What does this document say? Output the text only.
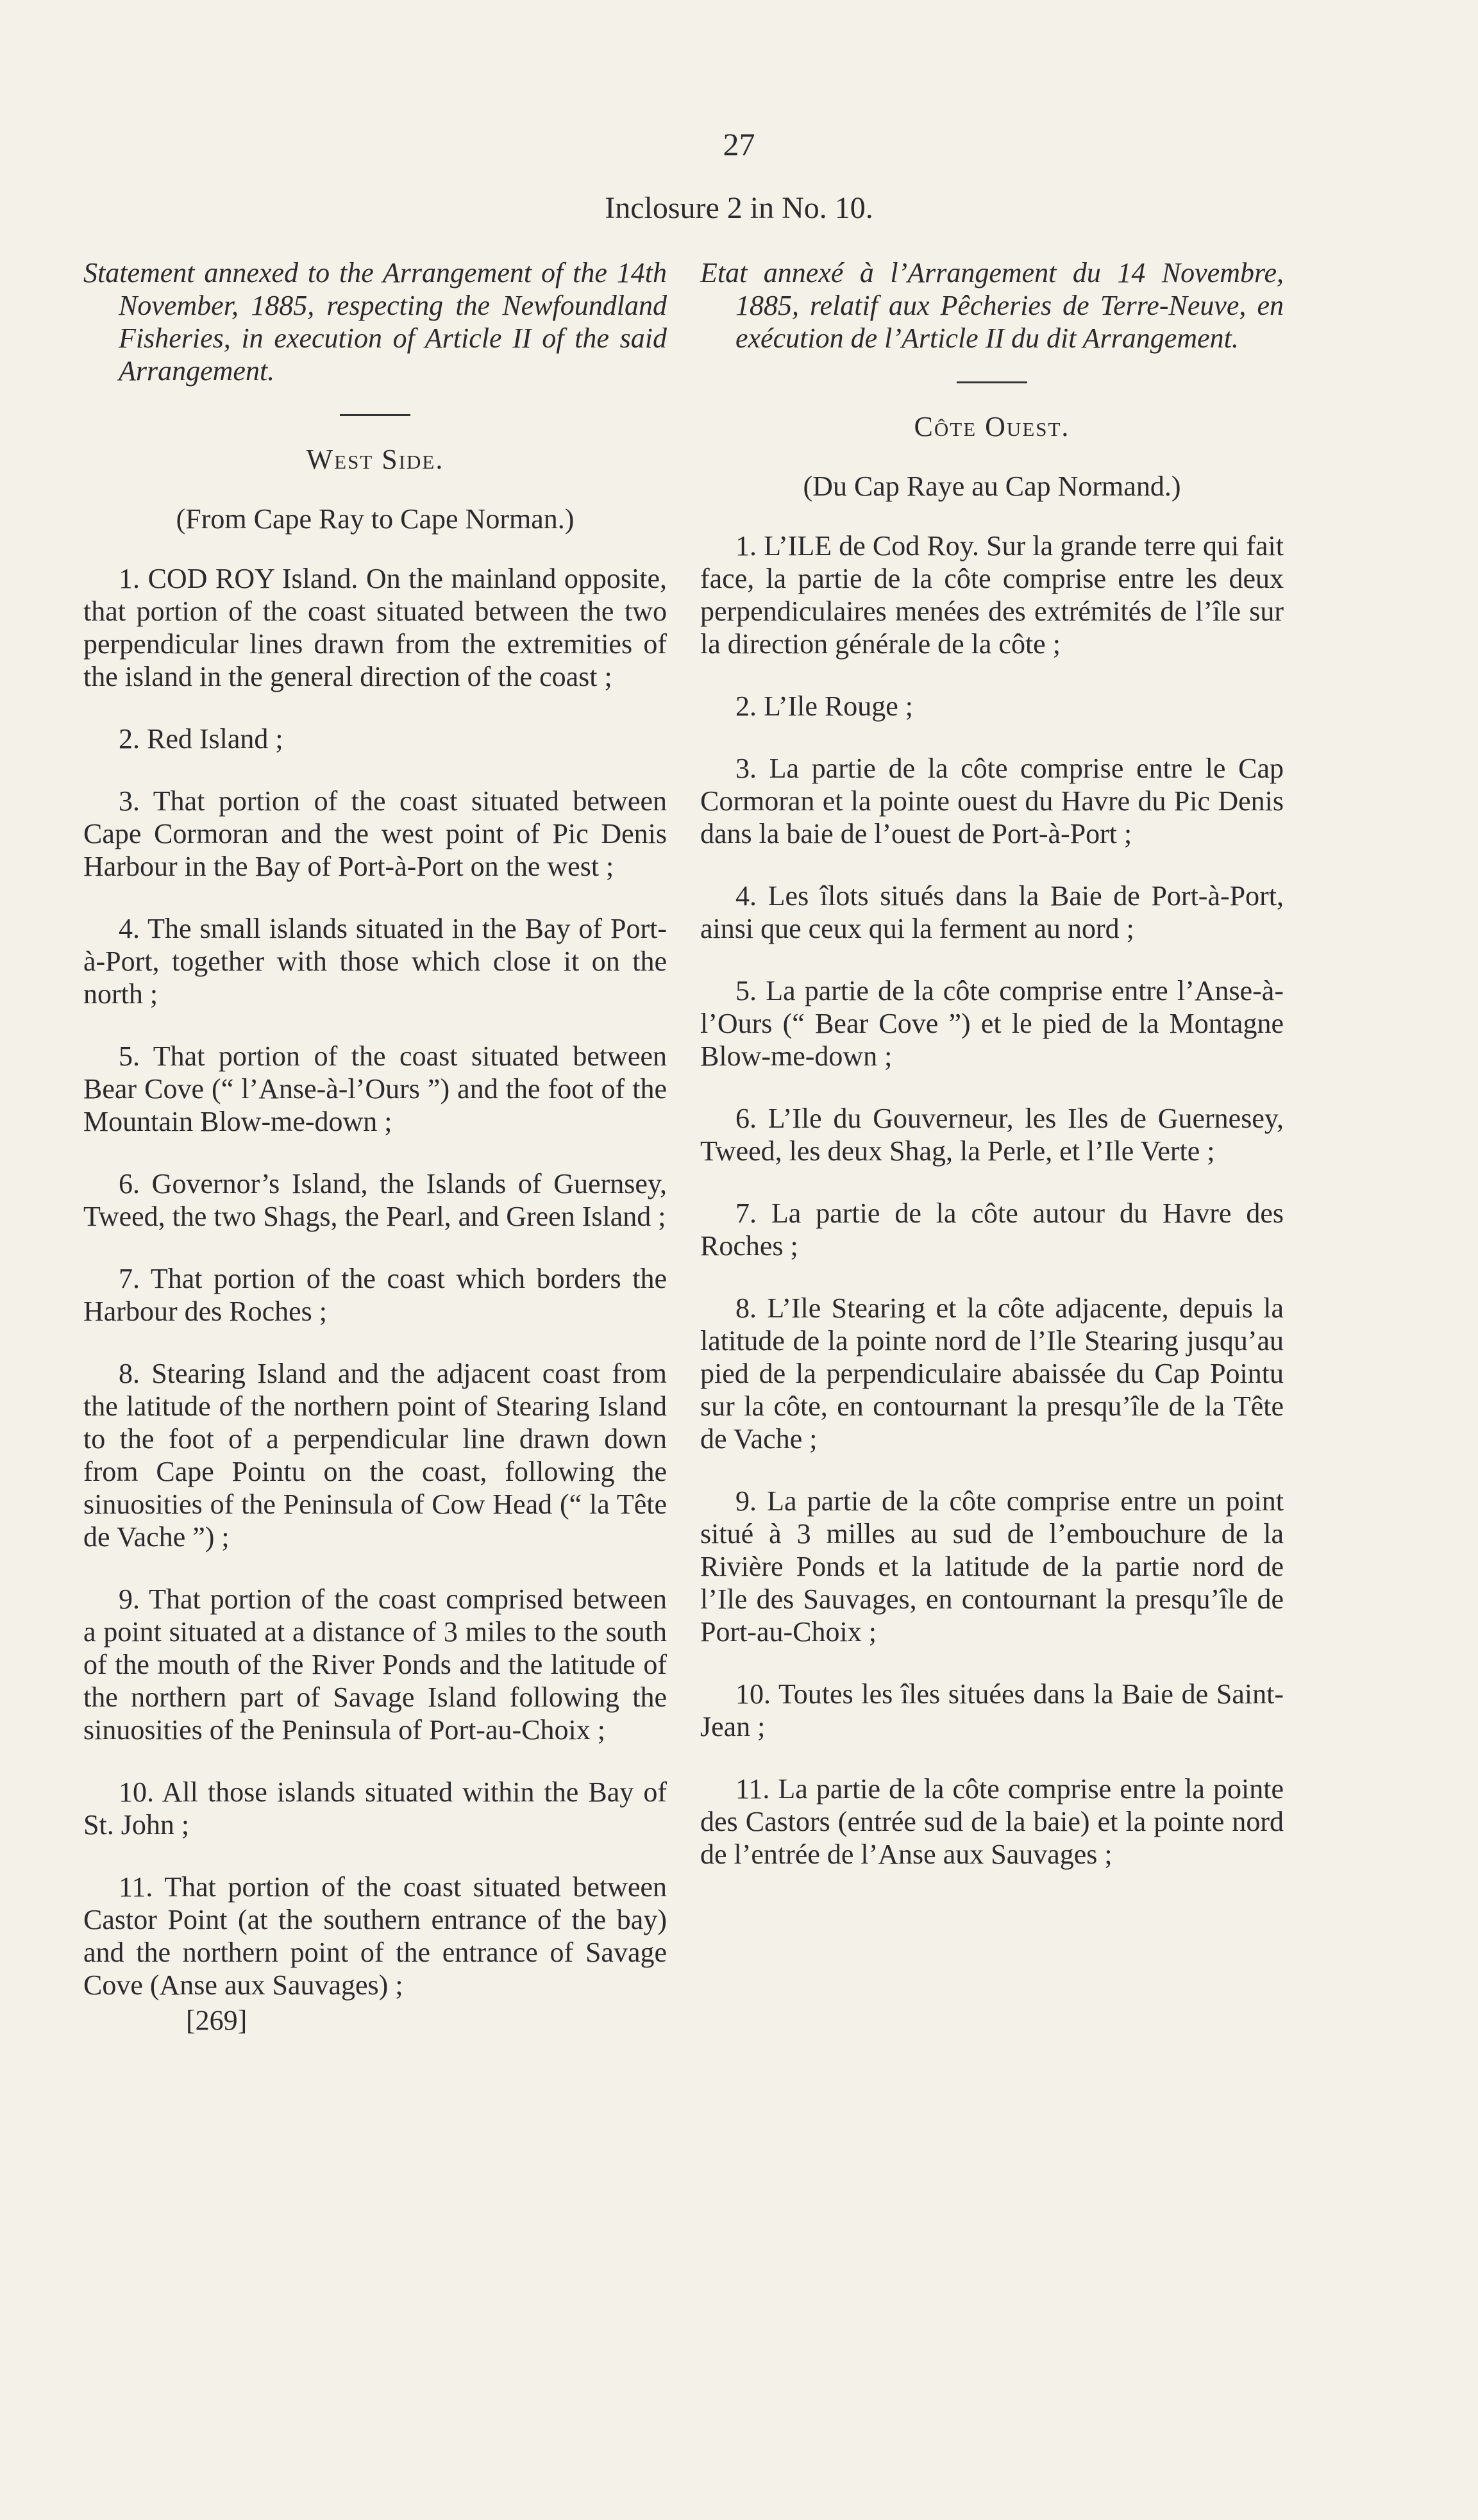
27
Inclosure 2 in No. 10.

Statement annexed to the Arrangement of the 14th November, 1885, respecting the Newfoundland Fisheries, in execution of Article II of the said Arrangement.

West Side.

(From Cape Ray to Cape Norman.)

1. COD ROY Island. On the mainland opposite, that portion of the coast situated between the two perpendicular lines drawn from the extremities of the island in the general direction of the coast ;

2. Red Island ;

3. That portion of the coast situated between Cape Cormoran and the west point of Pic Denis Harbour in the Bay of Port-à-Port on the west ;

4. The small islands situated in the Bay of Port-à-Port, together with those which close it on the north ;

5. That portion of the coast situated between Bear Cove (“ l’Anse-à-l’Ours ”) and the foot of the Mountain Blow-me-down ;

6. Governor’s Island, the Islands of Guernsey, Tweed, the two Shags, the Pearl, and Green Island ;

7. That portion of the coast which borders the Harbour des Roches ;

8. Stearing Island and the adjacent coast from the latitude of the northern point of Stearing Island to the foot of a perpendicular line drawn down from Cape Pointu on the coast, following the sinuosities of the Peninsula of Cow Head (“ la Tête de Vache ”) ;

9. That portion of the coast comprised between a point situated at a distance of 3 miles to the south of the mouth of the River Ponds and the latitude of the northern part of Savage Island following the sinuosities of the Peninsula of Port-au-Choix ;

10. All those islands situated within the Bay of St. John ;

11. That portion of the coast situated between Castor Point (at the southern entrance of the bay) and the northern point of the entrance of Savage Cove (Anse aux Sauvages) ;

[269]

Etat annexé à l’Arrangement du 14 Novembre, 1885, relatif aux Pêcheries de Terre-Neuve, en exécution de l’Article II du dit Arrangement.

Côte Ouest.

(Du Cap Raye au Cap Normand.)

1. L’ILE de Cod Roy. Sur la grande terre qui fait face, la partie de la côte comprise entre les deux perpendiculaires menées des extrémités de l’île sur la direction générale de la côte ;

2. L’Ile Rouge ;

3. La partie de la côte comprise entre le Cap Cormoran et la pointe ouest du Havre du Pic Denis dans la baie de l’ouest de Port-à-Port ;

4. Les îlots situés dans la Baie de Port-à-Port, ainsi que ceux qui la ferment au nord ;

5. La partie de la côte comprise entre l’Anse-à-l’Ours (“ Bear Cove ”) et le pied de la Montagne Blow-me-down ;

6. L’Ile du Gouverneur, les Iles de Guernesey, Tweed, les deux Shag, la Perle, et l’Ile Verte ;

7. La partie de la côte autour du Havre des Roches ;

8. L’Ile Stearing et la côte adjacente, depuis la latitude de la pointe nord de l’Ile Stearing jusqu’au pied de la perpendiculaire abaissée du Cap Pointu sur la côte, en contournant la presqu’île de la Tête de Vache ;

9. La partie de la côte comprise entre un point situé à 3 milles au sud de l’embouchure de la Rivière Ponds et la latitude de la partie nord de l’Ile des Sauvages, en contournant la presqu’île de Port-au-Choix ;

10. Toutes les îles situées dans la Baie de Saint-Jean ;

11. La partie de la côte comprise entre la pointe des Castors (entrée sud de la baie) et la pointe nord de l’entrée de l’Anse aux Sauvages ;
